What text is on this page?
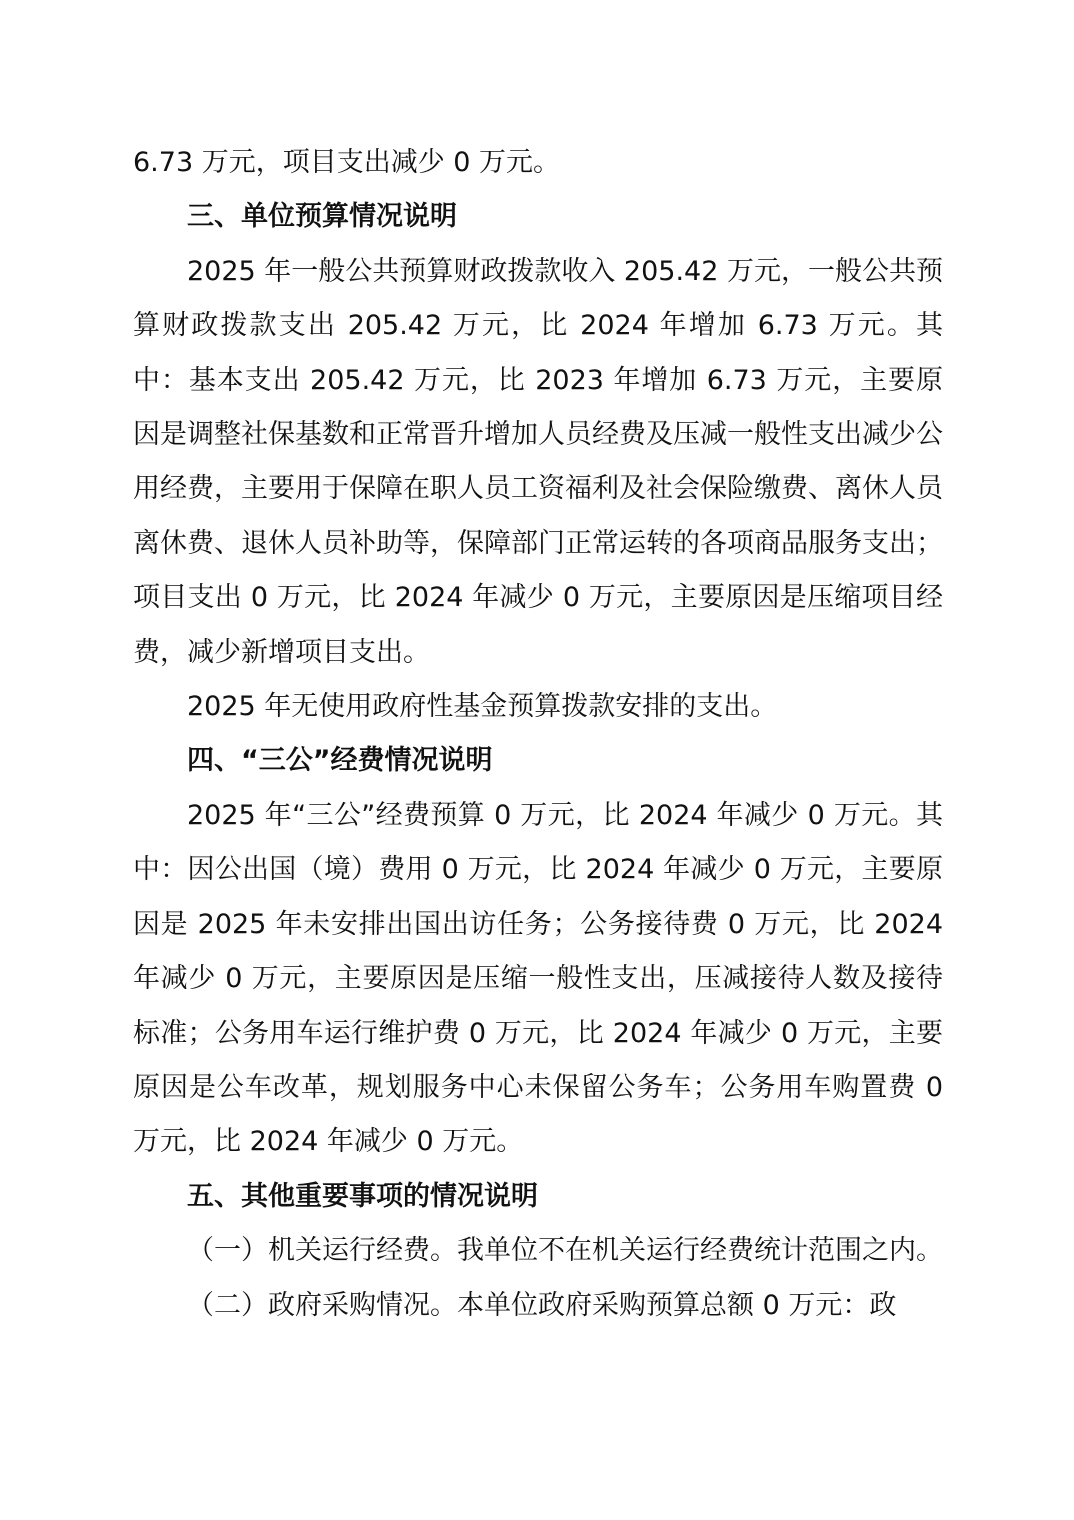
6.73 万元，项目支出减少 0 万元。

三、单位预算情况说明

2025 年一般公共预算财政拨款收入 205.42 万元，一般公共预算财政拨款支出 205.42 万元，比 2024 年增加 6.73 万元。其中：基本支出 205.42 万元，比 2023 年增加 6.73 万元，主要原因是调整社保基数和正常晋升增加人员经费及压减一般性支出减少公用经费，主要用于保障在职人员工资福利及社会保险缴费、离休人员离休费、退休人员补助等，保障部门正常运转的各项商品服务支出；项目支出 0 万元，比 2024 年减少 0 万元，主要原因是压缩项目经费，减少新增项目支出。

2025 年无使用政府性基金预算拨款安排的支出。

四、“三公”经费情况说明

2025 年“三公”经费预算 0 万元，比 2024 年减少 0 万元。其中：因公出国（境）费用 0 万元，比 2024 年减少 0 万元，主要原因是 2025 年未安排出国出访任务；公务接待费 0 万元，比 2024 年减少 0 万元，主要原因是压缩一般性支出，压减接待人数及接待标准；公务用车运行维护费 0 万元，比 2024 年减少 0 万元，主要原因是公车改革，规划服务中心未保留公务车；公务用车购置费 0 万元，比 2024 年减少 0 万元。

五、其他重要事项的情况说明

（一）机关运行经费。我单位不在机关运行经费统计范围之内。

（二）政府采购情况。本单位政府采购预算总额 0 万元：政
